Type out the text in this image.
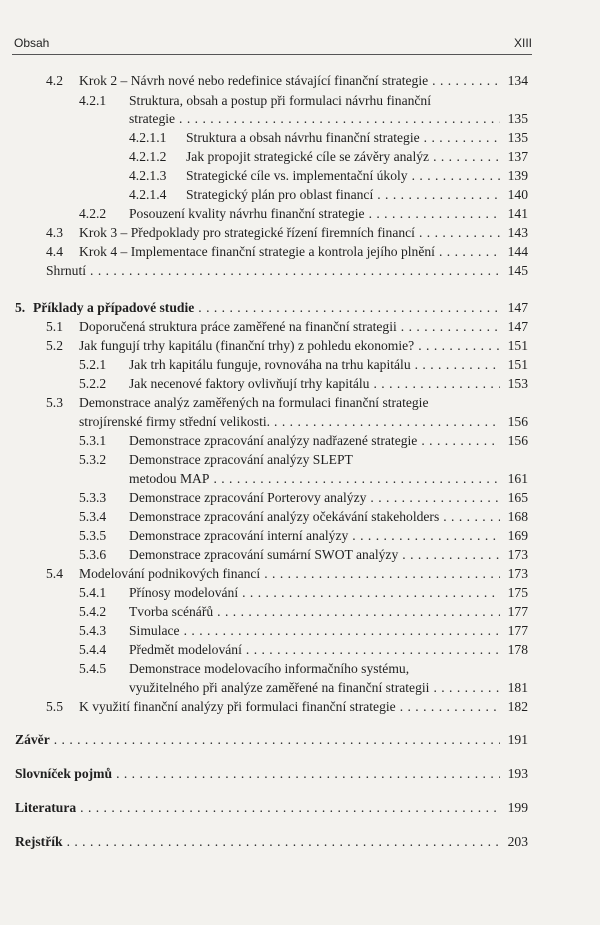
Obsah	XIII
4.2	Krok 2 – Návrh nové nebo redefinice stávající finanční strategie . . .	134
4.2.1 Struktura, obsah a postup při formulaci návrhu finanční
strategie . . .	135
4.2.1.1	Struktura a obsah návrhu finanční strategie . . .	135
4.2.1.2	Jak propojit strategické cíle se závěry analýz . . .	137
4.2.1.3	Strategické cíle vs. implementační úkoly . . .	139
4.2.1.4	Strategický plán pro oblast financí . . .	140
4.2.2	Posouzení kvality návrhu finanční strategie . . .	141
4.3	Krok 3 – Předpoklady pro strategické řízení firemních financí . . .	143
4.4	Krok 4 – Implementace finanční strategie a kontrola jejího plnění . . .	144
Shrnutí . . .	145
5. Příklady a případové studie . . .	147
5.1	Doporučená struktura práce zaměřené na finanční strategii . . .	147
5.2	Jak fungují trhy kapitálu (finanční trhy) z pohledu ekonomie? . . .	151
5.2.1	Jak trh kapitálu funguje, rovnováha na trhu kapitálu . . .	151
5.2.2	Jak necenové faktory ovlivňují trhy kapitálu . . .	153
5.3 Demonstrace analýz zaměřených na formulaci finanční strategie
strojírenské firmy střední velikosti. . . .	156
5.3.1	Demonstrace zpracování analýzy nadřazené strategie . . .	156
5.3.2 Demonstrace zpracování analýzy SLEPT
metodou MAP . . .	161
5.3.3	Demonstrace zpracování Porterovy analýzy . . .	165
5.3.4	Demonstrace zpracování analýzy očekávání stakeholders . . .	168
5.3.5	Demonstrace zpracování interní analýzy . . .	169
5.3.6	Demonstrace zpracování sumární SWOT analýzy . . .	173
5.4	Modelování podnikových financí . . .	173
5.4.1	Přínosy modelování . . .	175
5.4.2	Tvorba scénářů . . .	177
5.4.3	Simulace . . .	177
5.4.4	Předmět modelování . . .	178
5.4.5 Demonstrace modelovacího informačního systému,
využitelného při analýze zaměřené na finanční strategii . . .	181
5.5	K využití finanční analýzy při formulaci finanční strategie . . .	182
Závěr . . .	191
Slovníček pojmů . . .	193
Literatura . . .	199
Rejstřík . . .	203
